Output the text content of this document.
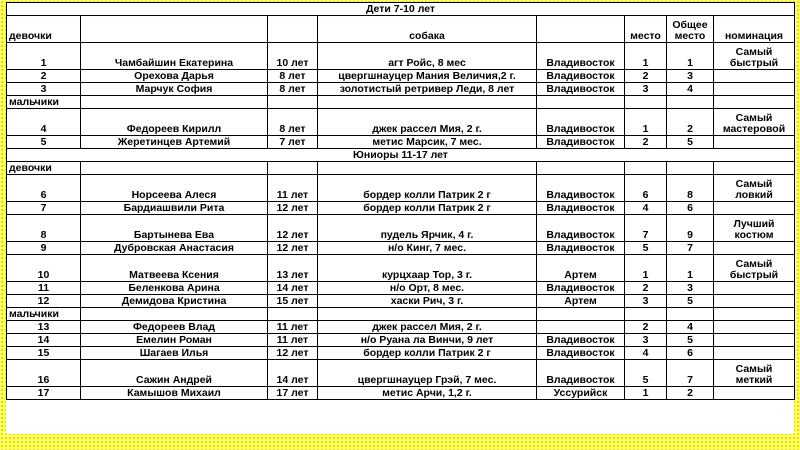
Дети 7-10 лет							
девочки			собака		место	Общее место	номинация
1	Чамбайшин Екатерина	10 лет	агт Ройс, 8 мес	Владивосток	1	1	Самый быстрый
2	Орехова Дарья	8 лет	цвергшнауцер Мания Величия,2 г.	Владивосток	2	3	
3	Марчук София	8 лет	золотистый ретривер Леди, 8 лет	Владивосток	3	4	
мальчики							
4	Федореев Кирилл	8 лет	джек рассел Мия, 2 г.	Владивосток	1	2	Самый мастеровой
5	Жеретинцев Артемий	7 лет	метис Марсик, 7 мес.	Владивосток	2	5	
Юниоры 11-17 лет							
девочки							
6	Норсеева Алеся	11 лет	бордер колли Патрик 2 г	Владивосток	6	8	Самый ловкий
7	Бардиашвили Рита	12 лет	бордер колли Патрик 2 г	Владивосток	4	6	
8	Бартынева Ева	12 лет	пудель Ярчик, 4 г.	Владивосток	7	9	Лучший костюм
9	Дубровская Анастасия	12 лет	н/о Кинг, 7 мес.	Владивосток	5	7	
10	Матвеева Ксения	13 лет	курцхаар Тор, 3 г.	Артем	1	1	Самый быстрый
11	Беленкова Арина	14 лет	н/о Орт, 8 мес.	Владивосток	2	3	
12	Демидова Кристина	15 лет	хаски Рич, 3 г.	Артем	3	5	
мальчики							
13	Федореев Влад	11 лет	джек рассел Мия, 2 г.		2	4	
14	Емелин Роман	11 лет	н/о Руана ла Винчи, 9 лет	Владивосток	3	5	
15	Шагаев Илья	12 лет	бордер колли Патрик 2 г	Владивосток	4	6	
16	Сажин Андрей	14 лет	цвергшнауцер Грэй, 7 мес.	Владивосток	5	7	Самый меткий
17	Камышов Михаил	17 лет	метис Арчи, 1,2 г.	Уссурийск	1	2	
